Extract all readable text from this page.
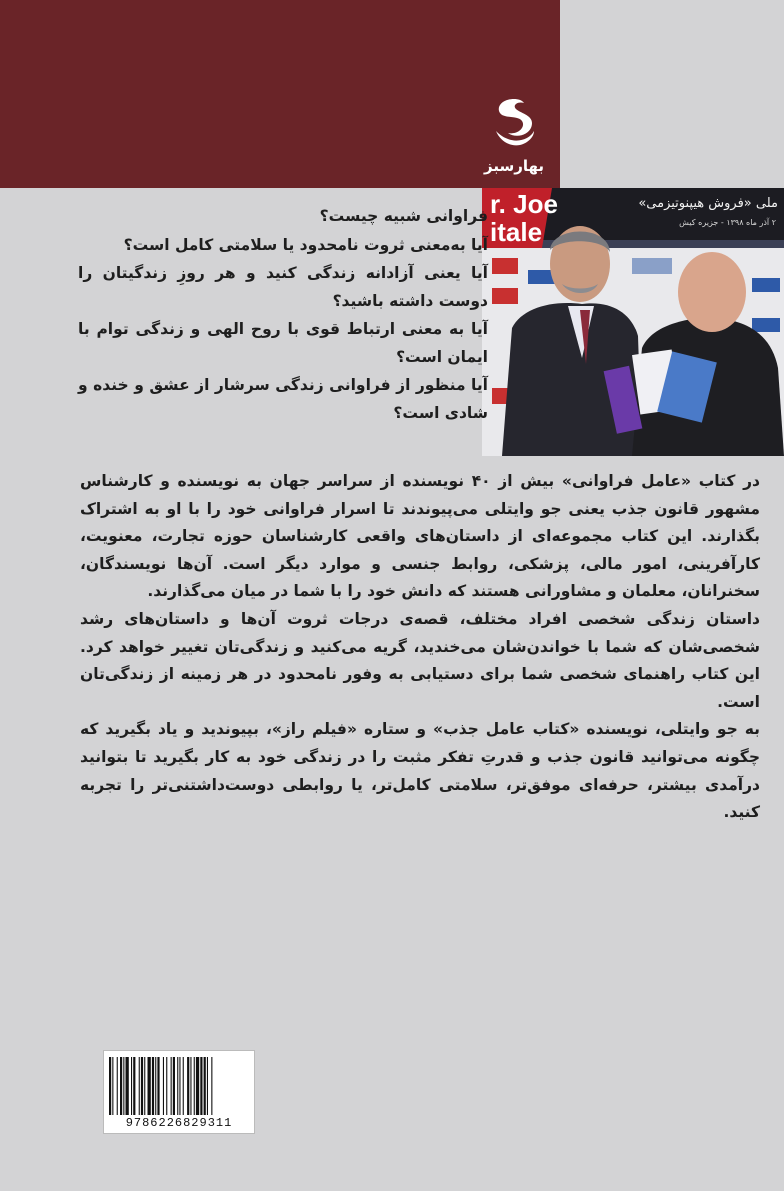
بهارسبز
ملی «فروش هیپنوتیزمی»
۲ آذر ماه ۱۳۹۸ - جزیره کیش
r. Joe
itale

فراوانی شبیه چیست؟

آیا به‌معنی ثروت نامحدود یا سلامتی کامل است؟

آیا یعنی آزادانه زندگی کنید و هر روزِ زندگیتان را دوست داشته باشید؟

آیا به معنی ارتباط قوی با روح الهی و زندگی توام با ایمان است؟

آیا منظور از فراوانی زندگی سرشار از عشق و خنده و شادی است؟

در کتاب «عامل فراوانی» بیش از ۴۰ نویسنده از سراسر جهان به نویسنده و کارشناس مشهور قانون جذب یعنی جو وایتلی می‌پیوندند تا اسرار فراوانی خود را با او به اشتراک بگذارند. این کتاب مجموعه‌ای از داستان‌های واقعی کارشناسان حوزه تجارت، معنویت، کارآفرینی، امور مالی، پزشکی، روابط جنسی و موارد دیگر است. آن‌ها نویسندگان، سخنرانان، معلمان و مشاورانی هستند که دانش خود را با شما در میان می‌گذارند.

داستان زندگی شخصی افراد مختلف، قصه‌ی درجات ثروت آن‌ها و داستان‌های رشد شخصی‌شان که شما با خواندن‌شان می‌خندید، گریه می‌کنید و زندگی‌تان تغییر خواهد کرد. این کتاب راهنمای شخصی شما برای دستیابی به وفور نامحدود در هر زمینه از زندگی‌تان است.

به جو وایتلی، نویسنده «کتاب عامل جذب» و ستاره «فیلم راز»، بپیوندید و یاد بگیرید که چگونه می‌توانید قانون جذب و قدرتِ تفکر مثبت را در زندگی خود به کار بگیرید تا بتوانید درآمدی بیشتر، حرفه‌ای موفق‌تر، سلامتی کامل‌تر، یا روابطی دوست‌داشتنی‌تر را تجربه کنید.

9786226829311
